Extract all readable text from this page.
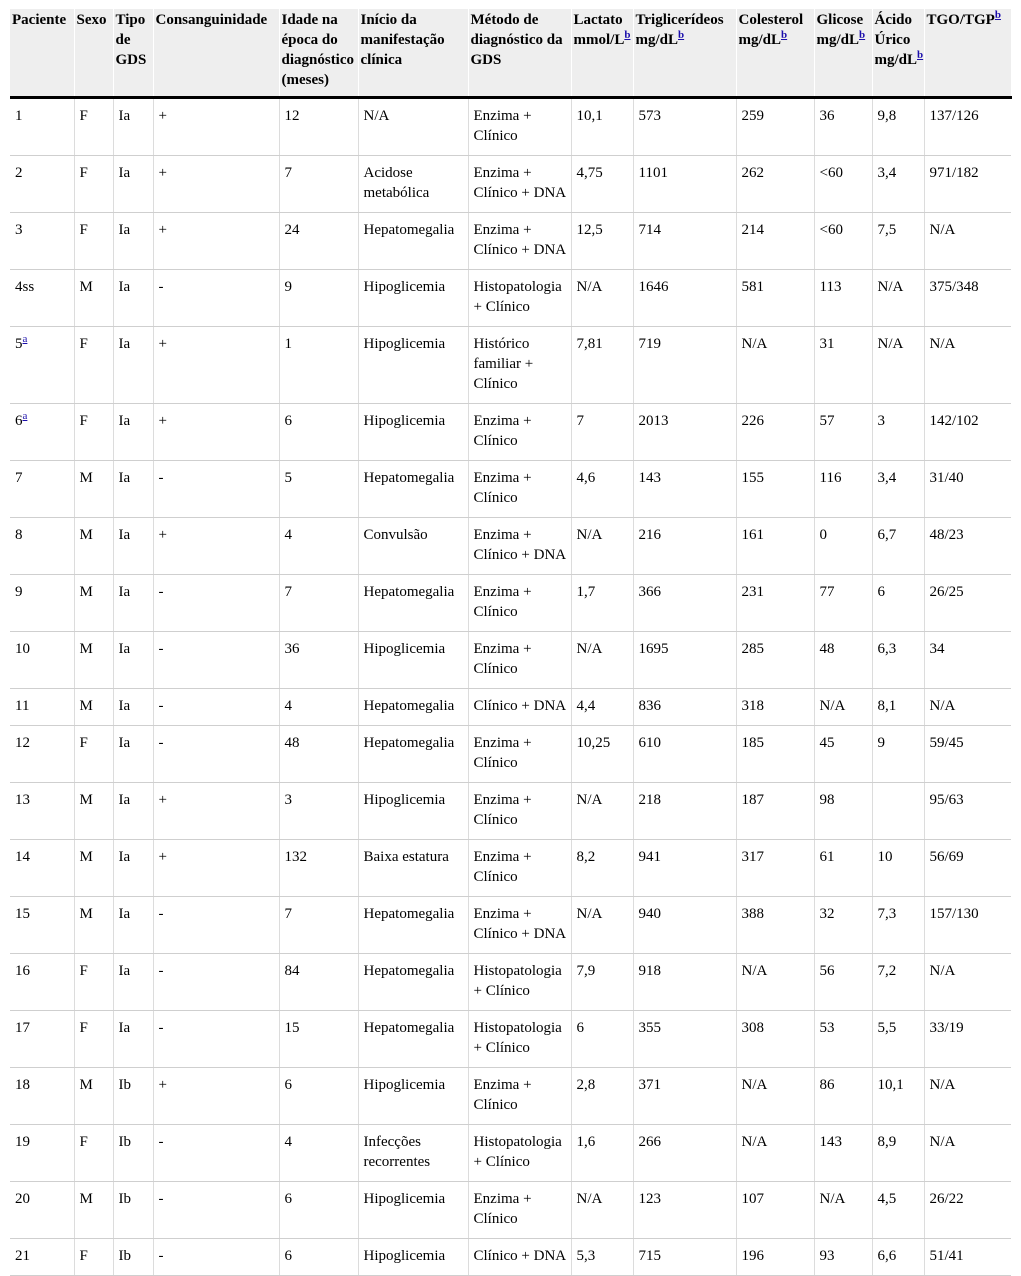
Paciente	Sexo	Tipo de GDS	Consanguinidade	Idade na época do diagnóstico (meses)	Início da manifestação clínica	Método de diagnóstico da GDS	Lactato mmol/L$^b$	Triglicerídeos mg/dL$^b$	Colesterol mg/dL$^b$	Glicose mg/dL$^b$	Ácido Úrico mg/dL$^b$	TGO/TGP$^b$
1	F	Ia	+	12	N/A	Enzima + Clínico	10,1	573	259	36	9,8	137/126
2	F	Ia	+	7	Acidose metabólica	Enzima + Clínico + DNA	4,75	1101	262	<60	3,4	971/182
3	F	Ia	+	24	Hepatomegalia	Enzima + Clínico + DNA	12,5	714	214	<60	7,5	N/A
4ss	M	Ia	-	9	Hipoglicemia	Histopatologia + Clínico	N/A	1646	581	113	N/A	375/348
5$^a$	F	Ia	+	1	Hipoglicemia	Histórico familiar + Clínico	7,81	719	N/A	31	N/A	N/A
6$^a$	F	Ia	+	6	Hipoglicemia	Enzima + Clínico	7	2013	226	57	3	142/102
7	M	Ia	-	5	Hepatomegalia	Enzima + Clínico	4,6	143	155	116	3,4	31/40
8	M	Ia	+	4	Convulsão	Enzima + Clínico + DNA	N/A	216	161	0	6,7	48/23
9	M	Ia	-	7	Hepatomegalia	Enzima + Clínico	1,7	366	231	77	6	26/25
10	M	Ia	-	36	Hipoglicemia	Enzima + Clínico	N/A	1695	285	48	6,3	34
11	M	Ia	-	4	Hepatomegalia	Clínico + DNA	4,4	836	318	N/A	8,1	N/A
12	F	Ia	-	48	Hepatomegalia	Enzima + Clínico	10,25	610	185	45	9	59/45
13	M	Ia	+	3	Hipoglicemia	Enzima + Clínico	N/A	218	187	98		95/63
14	M	Ia	+	132	Baixa estatura	Enzima + Clínico	8,2	941	317	61	10	56/69
15	M	Ia	-	7	Hepatomegalia	Enzima + Clínico + DNA	N/A	940	388	32	7,3	157/130
16	F	Ia	-	84	Hepatomegalia	Histopatologia + Clínico	7,9	918	N/A	56	7,2	N/A
17	F	Ia	-	15	Hepatomegalia	Histopatologia + Clínico	6	355	308	53	5,5	33/19
18	M	Ib	+	6	Hipoglicemia	Enzima + Clínico	2,8	371	N/A	86	10,1	N/A
19	F	Ib	-	4	Infecções recorrentes	Histopatologia + Clínico	1,6	266	N/A	143	8,9	N/A
20	M	Ib	-	6	Hipoglicemia	Enzima + Clínico	N/A	123	107	N/A	4,5	26/22
21	F	Ib	-	6	Hipoglicemia	Clínico + DNA	5,3	715	196	93	6,6	51/41
